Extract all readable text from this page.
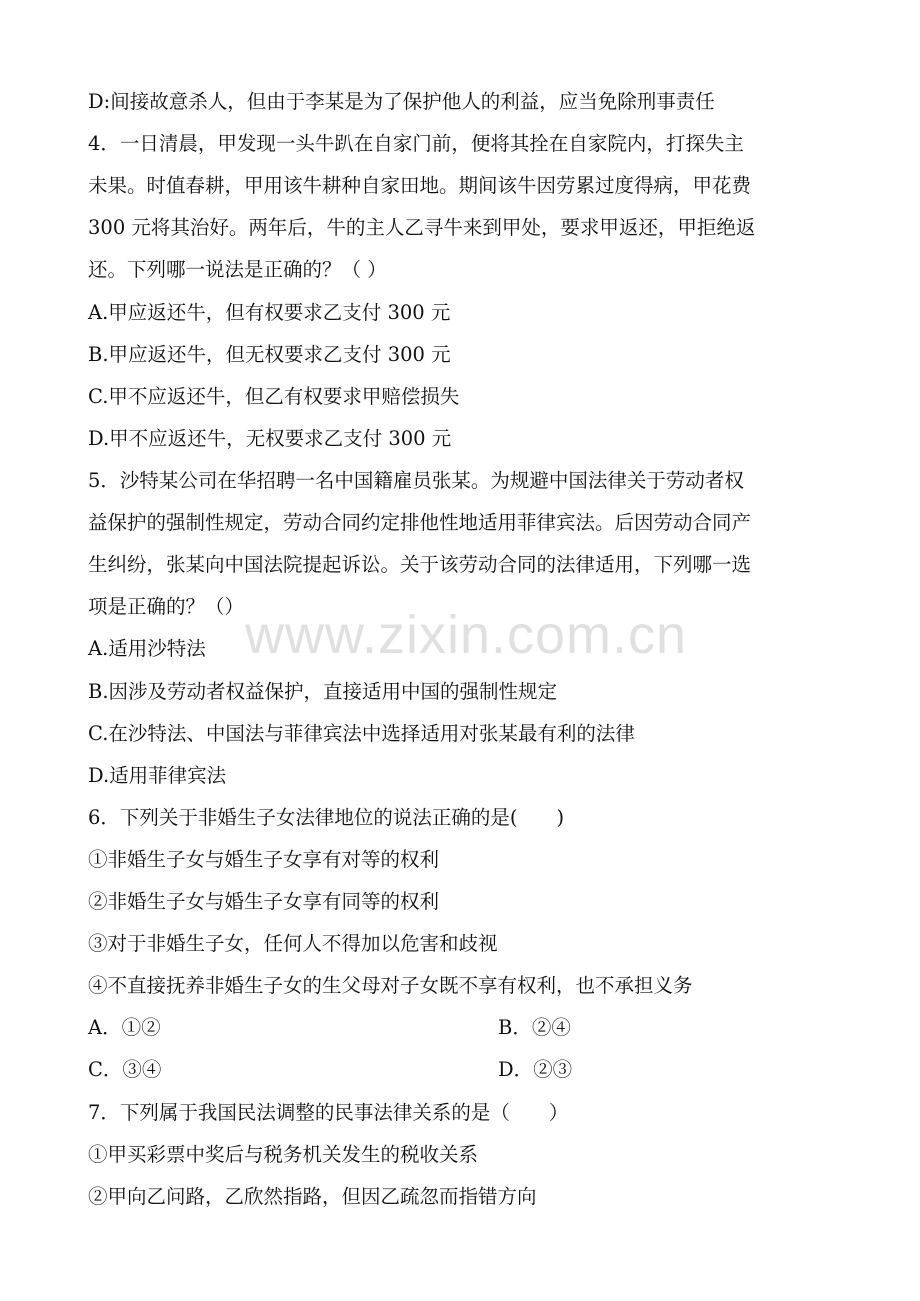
D:间接故意杀人，但由于李某是为了保护他人的利益，应当免除刑事责任
4．一日清晨，甲发现一头牛趴在自家门前，便将其拴在自家院内，打探失主
未果。时值春耕，甲用该牛耕种自家田地。期间该牛因劳累过度得病，甲花费
300 元将其治好。两年后，牛的主人乙寻牛来到甲处，要求甲返还，甲拒绝返
还。下列哪一说法是正确的？（ ）
A.甲应返还牛，但有权要求乙支付 300 元
B.甲应返还牛，但无权要求乙支付 300 元
C.甲不应返还牛，但乙有权要求甲赔偿损失
D.甲不应返还牛，无权要求乙支付 300 元
5．沙特某公司在华招聘一名中国籍雇员张某。为规避中国法律关于劳动者权
益保护的强制性规定，劳动合同约定排他性地适用菲律宾法。后因劳动合同产
生纠纷，张某向中国法院提起诉讼。关于该劳动合同的法律适用，下列哪一选
项是正确的？（）
A.适用沙特法
B.因涉及劳动者权益保护，直接适用中国的强制性规定
C.在沙特法、中国法与菲律宾法中选择适用对张某最有利的法律
D.适用菲律宾法
6．下列关于非婚生子女法律地位的说法正确的是(　　)
①非婚生子女与婚生子女享有对等的权利
②非婚生子女与婚生子女享有同等的权利
③对于非婚生子女，任何人不得加以危害和歧视
④不直接抚养非婚生子女的生父母对子女既不享有权利，也不承担义务
A．①②	B．②④
C．③④	D．②③
7．下列属于我国民法调整的民事法律关系的是（　　）
①甲买彩票中奖后与税务机关发生的税收关系
②甲向乙问路，乙欣然指路，但因乙疏忽而指错方向
www.zixin.com.cn
